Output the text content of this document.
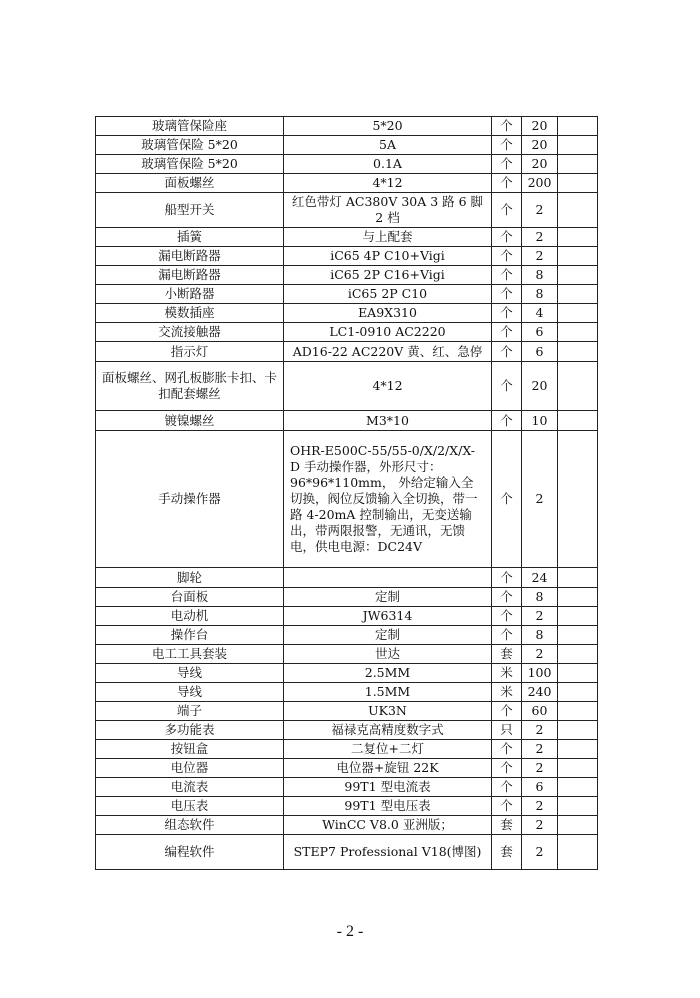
玻璃管保险座	5*20	个	20	
玻璃管保险 5*20	5A	个	20	
玻璃管保险 5*20	0.1A	个	20	
面板螺丝	4*12	个	200	
船型开关	红色带灯 AC380V 30A 3 路 6 脚 2 档	个	2	
插簧	与上配套	个	2	
漏电断路器	iC65 4P C10+Vigi	个	2	
漏电断路器	iC65 2P C16+Vigi	个	8	
小断路器	iC65 2P C10	个	8	
模数插座	EA9X310	个	4	
交流接触器	LC1-0910 AC2220	个	6	
指示灯	AD16-22 AC220V 黄、红、急停	个	6	
面板螺丝、网孔板膨胀卡扣、卡扣配套螺丝	4*12	个	20	
镀镍螺丝	M3*10	个	10	
手动操作器	OHR-E500C-55/55-0/X/2/X/X-D 手动操作器，外形尺寸：96*96*110mm， 外给定输入全切换，阀位反馈输入全切换，带一路 4-20mA 控制输出，无变送输出，带两限报警，无通讯，无馈电，供电电源：DC24V	个	2	
脚轮		个	24	
台面板	定制	个	8	
电动机	JW6314	个	2	
操作台	定制	个	8	
电工工具套装	世达	套	2	
导线	2.5MM	米	100	
导线	1.5MM	米	240	
端子	UK3N	个	60	
多功能表	福禄克高精度数字式	只	2	
按钮盒	二复位+二灯	个	2	
电位器	电位器+旋钮 22K	个	2	
电流表	99T1 型电流表	个	6	
电压表	99T1 型电压表	个	2	
组态软件	WinCC V8.0 亚洲版；	套	2	
编程软件	STEP7 Professional V18(博图)	套	2	
- 2 -
